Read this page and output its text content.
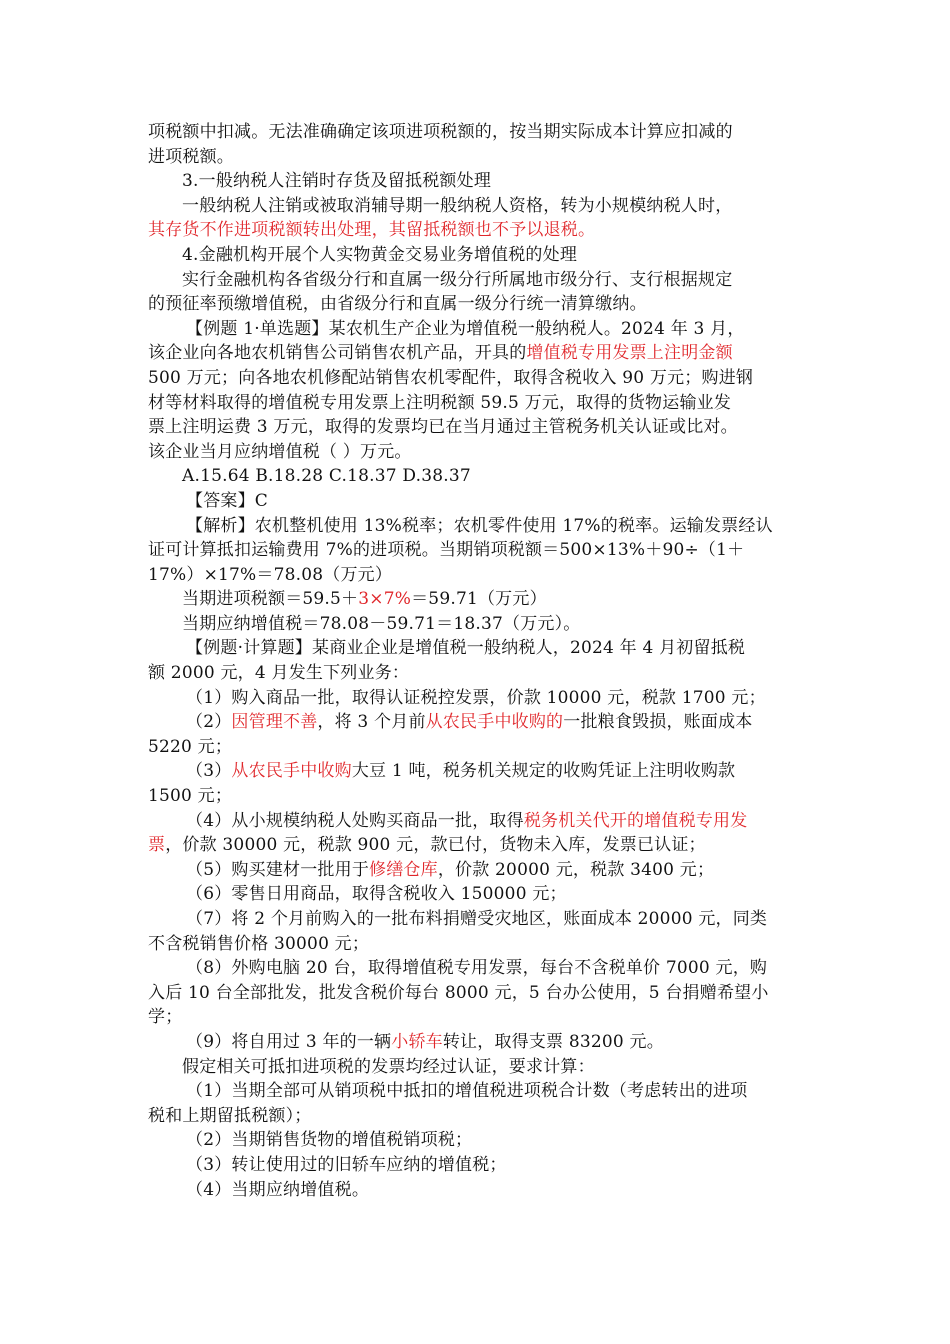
项税额中扣减。无法准确确定该项进项税额的，按当期实际成本计算应扣减的
进项税额。
3.一般纳税人注销时存货及留抵税额处理
一般纳税人注销或被取消辅导期一般纳税人资格，转为小规模纳税人时，
其存货不作进项税额转出处理，其留抵税额也不予以退税。
4.金融机构开展个人实物黄金交易业务增值税的处理
实行金融机构各省级分行和直属一级分行所属地市级分行、支行根据规定
的预征率预缴增值税，由省级分行和直属一级分行统一清算缴纳。
【例题 1·单选题】某农机生产企业为增值税一般纳税人。2024 年 3 月，
该企业向各地农机销售公司销售农机产品，开具的增值税专用发票上注明金额
500 万元；向各地农机修配站销售农机零配件，取得含税收入 90 万元；购进钢
材等材料取得的增值税专用发票上注明税额 59.5 万元，取得的货物运输业发
票上注明运费 3 万元，取得的发票均已在当月通过主管税务机关认证或比对。
该企业当月应纳增值税（ ）万元。
A.15.64 B.18.28 C.18.37 D.38.37
【答案】C
【解析】农机整机使用 13%税率；农机零件使用 17%的税率。运输发票经认
证可计算抵扣运输费用 7%的进项税。当期销项税额＝500×13%＋90÷（1＋
17%）×17%＝78.08（万元）
当期进项税额＝59.5＋3×7%＝59.71（万元）
当期应纳增值税＝78.08－59.71＝18.37（万元）。
【例题·计算题】某商业企业是增值税一般纳税人，2024 年 4 月初留抵税
额 2000 元，4 月发生下列业务：
（1）购入商品一批，取得认证税控发票，价款 10000 元，税款 1700 元；
（2）因管理不善，将 3 个月前从农民手中收购的一批粮食毁损，账面成本
5220 元；
（3）从农民手中收购大豆 1 吨，税务机关规定的收购凭证上注明收购款
1500 元；
（4）从小规模纳税人处购买商品一批，取得税务机关代开的增值税专用发
票，价款 30000 元，税款 900 元，款已付，货物未入库，发票已认证；
（5）购买建材一批用于修缮仓库，价款 20000 元，税款 3400 元；
（6）零售日用商品，取得含税收入 150000 元；
（7）将 2 个月前购入的一批布料捐赠受灾地区，账面成本 20000 元，同类
不含税销售价格 30000 元；
（8）外购电脑 20 台，取得增值税专用发票，每台不含税单价 7000 元，购
入后 10 台全部批发，批发含税价每台 8000 元，5 台办公使用，5 台捐赠希望小
学；
（9）将自用过 3 年的一辆小轿车转让，取得支票 83200 元。
假定相关可抵扣进项税的发票均经过认证，要求计算：
（1）当期全部可从销项税中抵扣的增值税进项税合计数（考虑转出的进项
税和上期留抵税额）；
（2）当期销售货物的增值税销项税；
（3）转让使用过的旧轿车应纳的增值税；
（4）当期应纳增值税。
